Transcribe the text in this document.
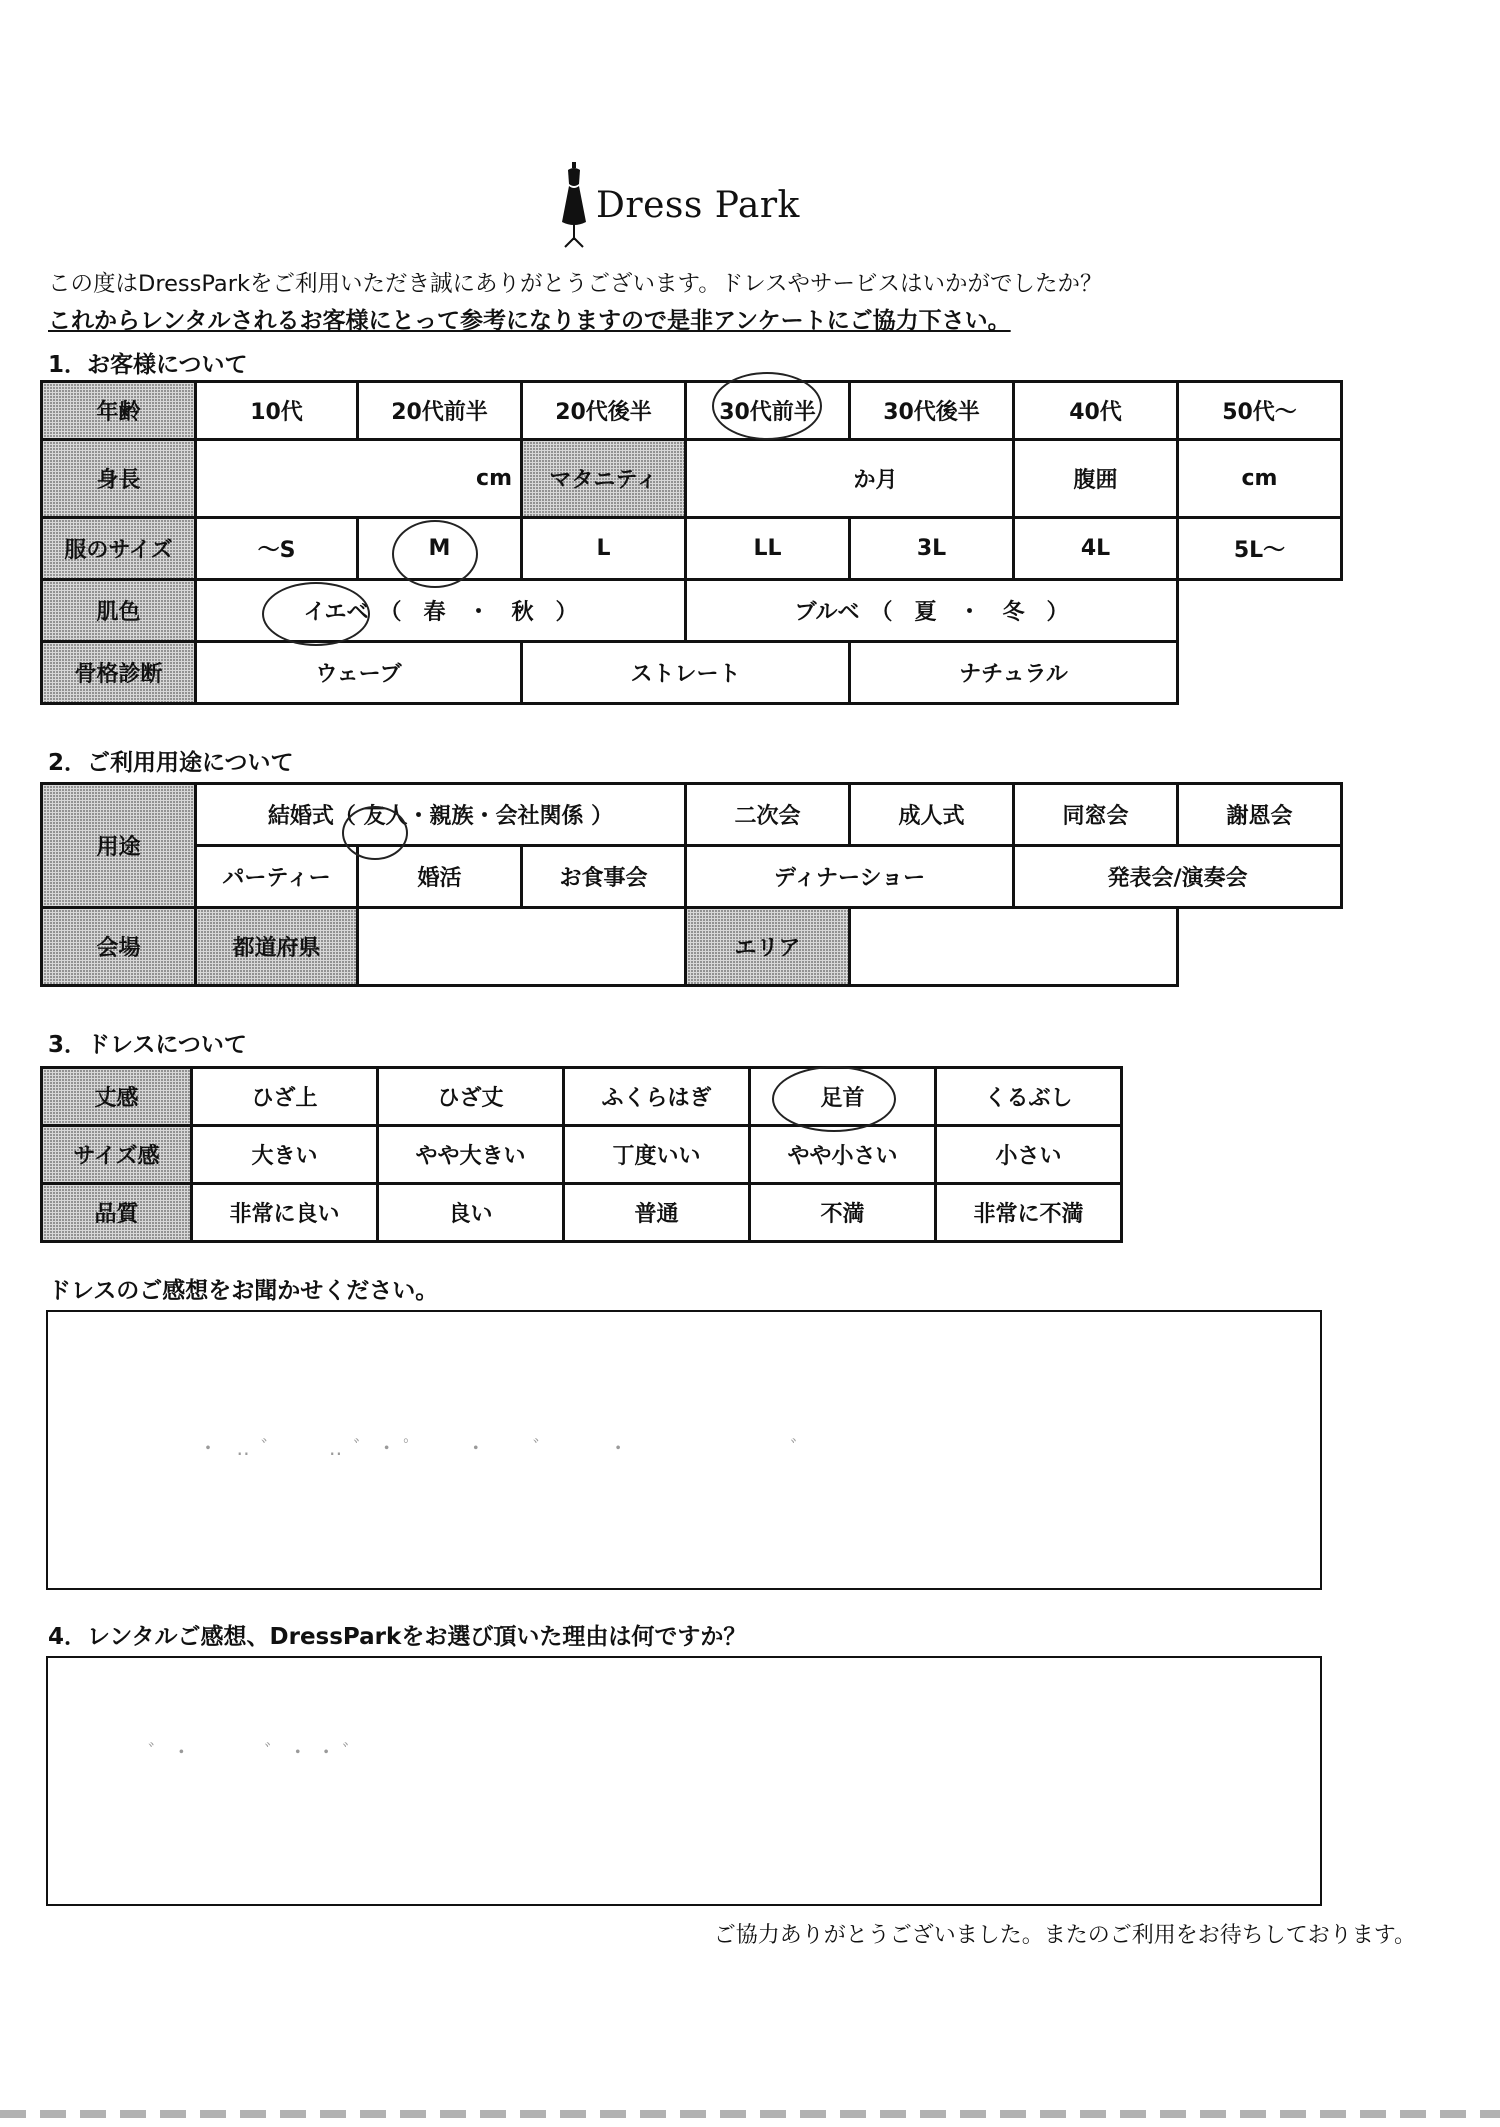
Dress Park
この度はDressParkをご利用いただき誠にありがとうございます。ドレスやサービスはいかがでしたか？
これからレンタルされるお客様にとって参考になりますので是非アンケートにご協力下さい。
1．お客様について
年齢	10代	20代前半	20代後半	30代前半	30代後半	40代	50代〜
身長	cm		マタニティ	か月		腹囲	cm
服のサイズ	〜S	M	L	LL	3L	4L	5L〜
肌色	イエベ　（　春　・　秋　）			ブルベ　（　夏　・　冬　）			
骨格診断	ウェーブ		ストレート		ナチュラル		
2．ご利用用途について
用途	結婚式（ 友人・親族・会社関係 ）			二次会	成人式	同窓会	謝恩会
	パーティー	婚活	お食事会	ディナーショー		発表会/演奏会	
会場	都道府県			エリア			
3．ドレスについて
丈感	ひざ上	ひざ丈	ふくらはぎ	足首	くるぶし
サイズ感	大きい	やや大きい	丁度いい	やや小さい	小さい
品質	非常に良い	良い	普通	不満	非常に不満
ドレスのご感想をお聞かせください。
・ ‥ ﾞ　　‥ ﾞ ･ ﾟ　　･　　ﾞ　　 ･　　　　　　 ﾞ
4．レンタルご感想、DressParkをお選び頂いた理由は何ですか？
ﾞ ･　　　ﾞ ･ ･ ﾞ
ご協力ありがとうございました。またのご利用をお待ちしております。
